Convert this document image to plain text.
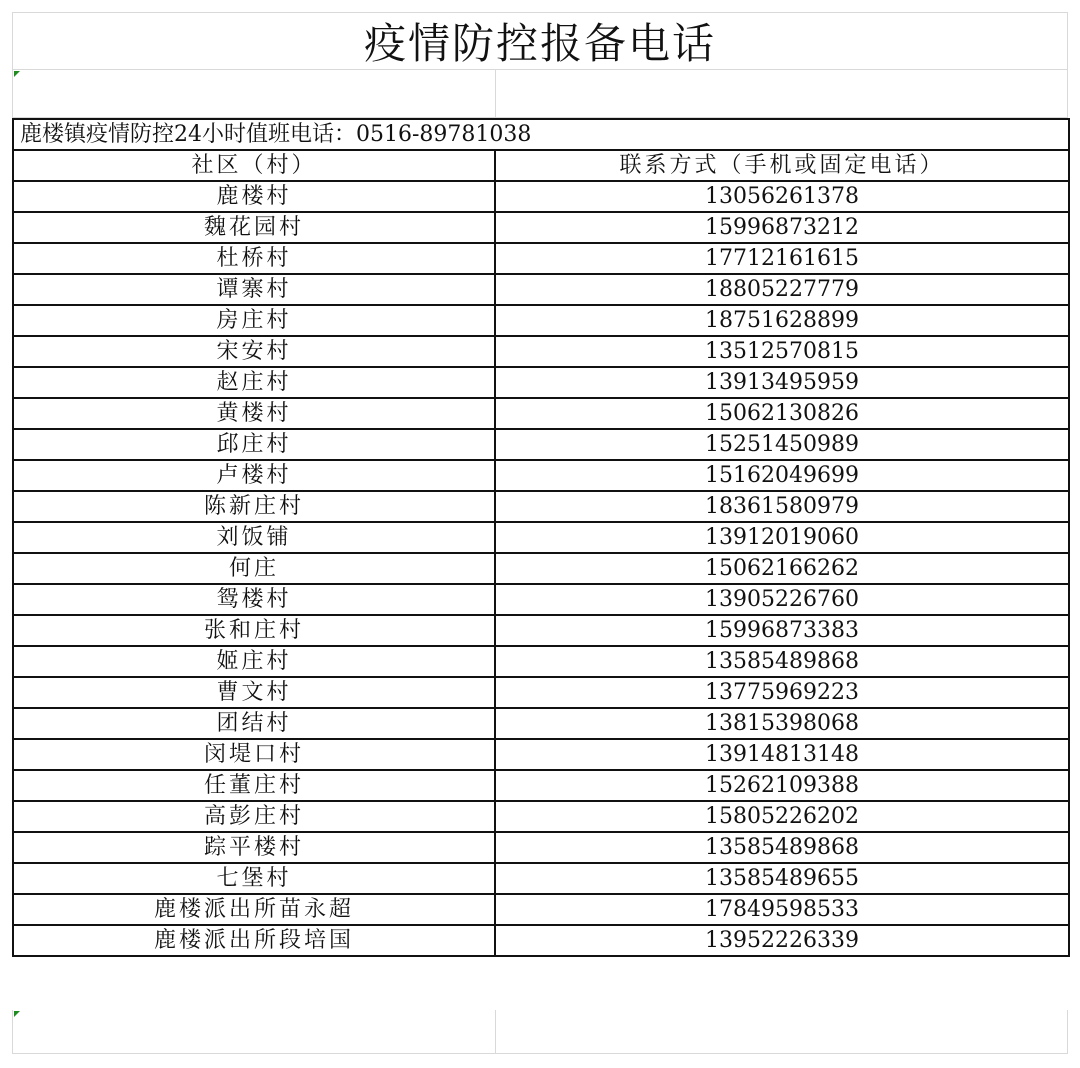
疫情防控报备电话
鹿楼镇疫情防控24小时值班电话：0516-89781038	
社区（村）	联系方式（手机或固定电话）
鹿楼村	13056261378
魏花园村	15996873212
杜桥村	17712161615
谭寨村	18805227779
房庄村	18751628899
宋安村	13512570815
赵庄村	13913495959
黄楼村	15062130826
邱庄村	15251450989
卢楼村	15162049699
陈新庄村	18361580979
刘饭铺	13912019060
何庄	15062166262
鸳楼村	13905226760
张和庄村	15996873383
姬庄村	13585489868
曹文村	13775969223
团结村	13815398068
闵堤口村	13914813148
任董庄村	15262109388
高彭庄村	15805226202
踪平楼村	13585489868
七堡村	13585489655
鹿楼派出所苗永超	17849598533
鹿楼派出所段培国	13952226339
